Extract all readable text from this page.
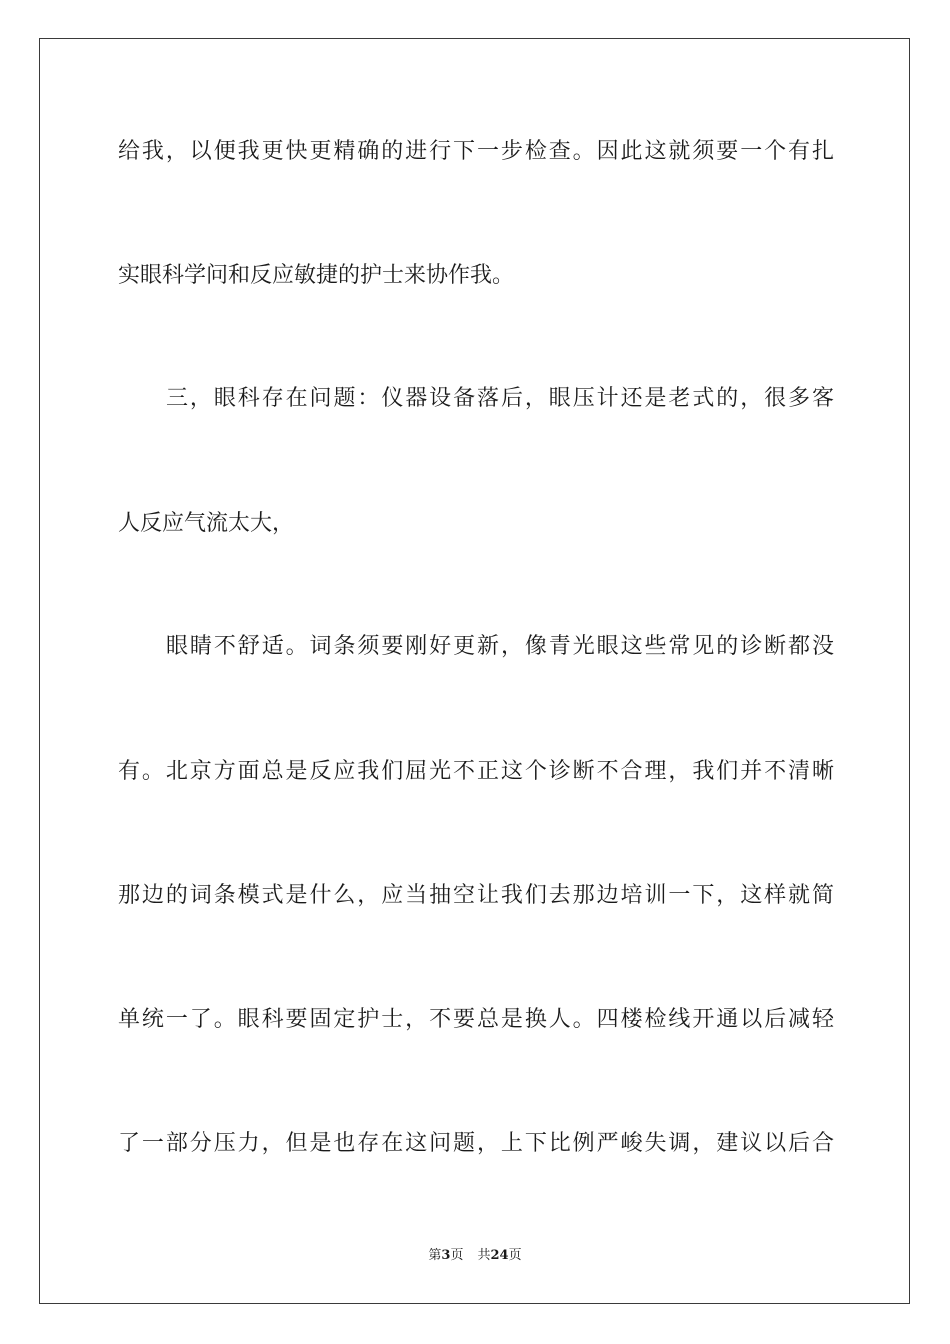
给我，以便我更快更精确的进行下一步检查。因此这就须要一个有扎
实眼科学问和反应敏捷的护士来协作我。
三，眼科存在问题：仪器设备落后，眼压计还是老式的，很多客
人反应气流太大，
眼睛不舒适。词条须要刚好更新，像青光眼这些常见的诊断都没
有。北京方面总是反应我们屈光不正这个诊断不合理，我们并不清晰
那边的词条模式是什么，应当抽空让我们去那边培训一下，这样就简
单统一了。眼科要固定护士，不要总是换人。四楼检线开通以后减轻
了一部分压力，但是也存在这问题，上下比例严峻失调，建议以后合
第3页 共24页
